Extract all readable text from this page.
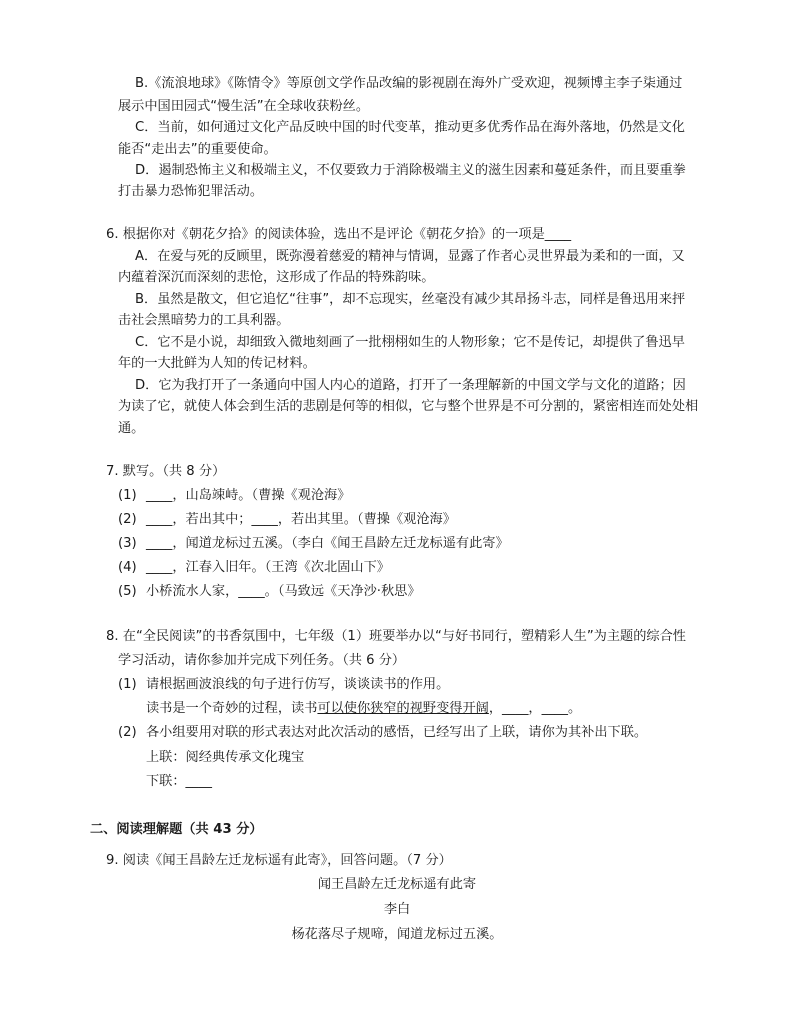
B.《流浪地球》《陈情令》等原创文学作品改编的影视剧在海外广受欢迎，视频博主李子柒通过
展示中国田园式“慢生活”在全球收获粉丝。
C．当前，如何通过文化产品反映中国的时代变革，推动更多优秀作品在海外落地，仍然是文化
能否“走出去”的重要使命。
D．遏制恐怖主义和极端主义，不仅要致力于消除极端主义的滋生因素和蔓延条件，而且要重拳
打击暴力恐怖犯罪活动。
6. 根据你对《朝花夕拾》的阅读体验，选出不是评论《朝花夕拾》的一项是____
A．在爱与死的反顾里，既弥漫着慈爱的精神与情调，显露了作者心灵世界最为柔和的一面，又
内蕴着深沉而深刻的悲怆，这形成了作品的特殊韵味。
B．虽然是散文，但它追忆“往事”，却不忘现实，丝毫没有减少其昂扬斗志，同样是鲁迅用来抨
击社会黑暗势力的工具利器。
C．它不是小说，却细致入微地刻画了一批栩栩如生的人物形象；它不是传记，却提供了鲁迅早
年的一大批鲜为人知的传记材料。
D．它为我打开了一条通向中国人内心的道路，打开了一条理解新的中国文学与文化的道路；因
为读了它，就使人体会到生活的悲剧是何等的相似，它与整个世界是不可分割的，紧密相连而处处相
通。
7. 默写。（共 8 分）
(1) ____，山岛竦峙。（曹操《观沧海》
(2) ____，若出其中；____，若出其里。（曹操《观沧海》
(3) ____，闻道龙标过五溪。（李白《闻王昌龄左迁龙标遥有此寄》
(4) ____，江春入旧年。（王湾《次北固山下》
(5) 小桥流水人家，____。（马致远《天净沙·秋思》
8. 在“全民阅读”的书香氛围中，七年级（1）班要举办以“与好书同行，塑精彩人生”为主题的综合性
学习活动，请你参加并完成下列任务。（共 6 分）
(1) 请根据画波浪线的句子进行仿写，谈谈读书的作用。
读书是一个奇妙的过程，读书可以使你狭窄的视野变得开阔，____，____。
(2) 各小组要用对联的形式表达对此次活动的感悟，已经写出了上联，请你为其补出下联。
上联：阅经典传承文化瑰宝
下联：____
二、阅读理解题（共 43 分）
9. 阅读《闻王昌龄左迁龙标遥有此寄》，回答问题。（7 分）
闻王昌龄左迁龙标遥有此寄
李白
杨花落尽子规啼，闻道龙标过五溪。
